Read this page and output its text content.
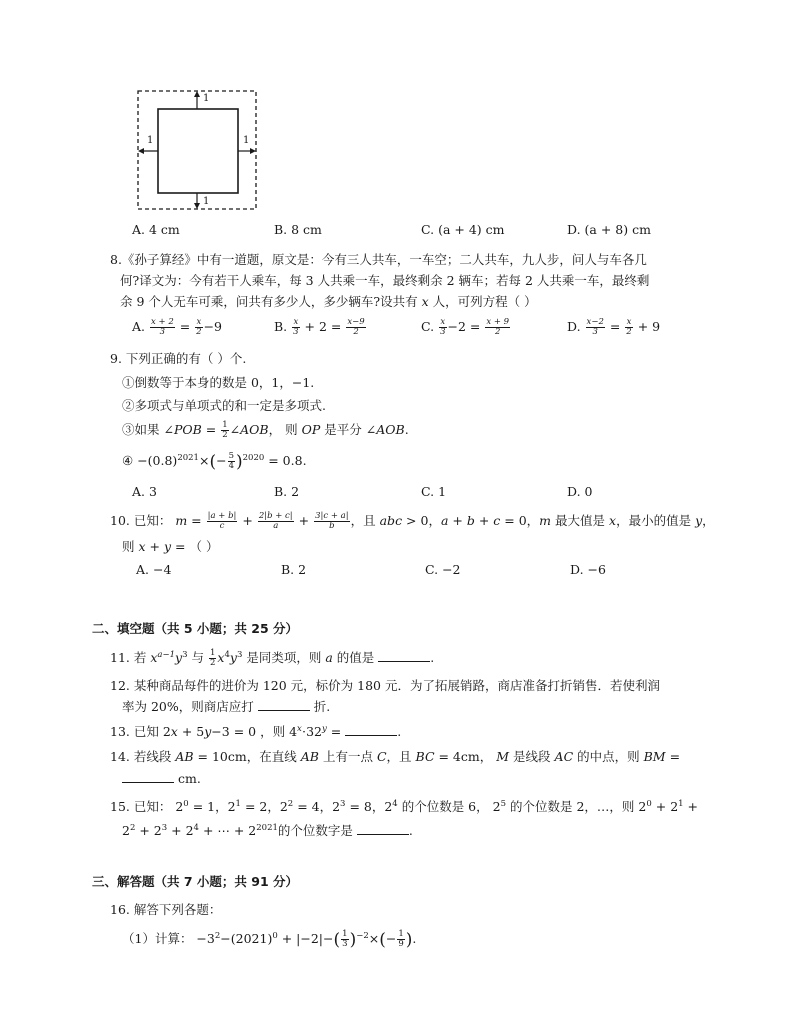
1
1	1
1
A. 4 cm	B. 8 cm	C. (a + 4) cm	D. (a + 8) cm
8.《孙子算经》中有一道题，原文是：今有三人共车，一车空；二人共车，九人步，问人与车各几
何?译文为：今有若干人乘车，每 3 人共乘一车，最终剩余 2 辆车；若每 2 人共乘一车，最终剩
余 9 个人无车可乘，问共有多少人，多少辆车?设共有 x 人，可列方程（ ）
A. $\frac{x + 2}{3} = \frac{x}{2} -9$	B. $\frac{x}{3} + 2 = \frac{x-9}{2}$	C. $\frac{x}{3} -2 = \frac{x + 9}{2}$	D. $\frac{x-2}{3} = \frac{x}{2} + 9$
9. 下列正确的有（ ）个.
①倒数等于本身的数是 0，1，−1.
②多项式与单项式的和一定是多项式.
③如果 ∠POB = $\frac{1}{2}$ ∠AOB， 则 OP 是平分 ∠AOB.
④ $-(0.8)^{2021}\times(- \frac{5}{4} )^{2020} = 0.8$.
A. 3	B. 2	C. 1	D. 0
10. 已知： $m = \frac{|a + b|}{c} + \frac{2|b + c|}{a} + \frac{3|c + a|}{b}$ ，且 abc > 0，a + b + c = 0，m 最大值是 x，最小的值是 y，
则 x + y = （ ）
A. −4	B. 2	C. −2	D. −6
二、填空题（共 5 小题；共 25 分）
11. 若 $x^{a-1}y^3$ 与 $\frac{1}{2} x^4y^3$ 是同类项，则 a 的值是	.
12. 某种商品每件的进价为 120 元，标价为 180 元．为了拓展销路，商店准备打折销售．若使利润
率为 20%，则商店应打	折.
13. 已知 2x + 5y−3 = 0 ，则 $4^x\cdot 32^y$ =	.
14. 若线段 AB = 10cm，在直线 AB 上有一点 C，且 BC = 4cm， M 是线段 AC 的中点，则 BM =
cm.
15. 已知： $2^0 = 1$，$2^1 = 2$，$2^2 = 4$，$2^3 = 8$，$2^4$ 的个位数是 6， $2^5$ 的个位数是 2，…，则 $2^0 + 2^1$ +
$2^2 + 2^3 + 2^4$ + ⋯ + $2^{2021}$的个位数字是	.
三、解答题（共 7 小题；共 91 分）
16. 解答下列各题：
（1）计算： $-3^2-(2021)^0 + |-2|-( \frac{1}{3} )^{-2}\times(- \frac{1}{9}$ ).
